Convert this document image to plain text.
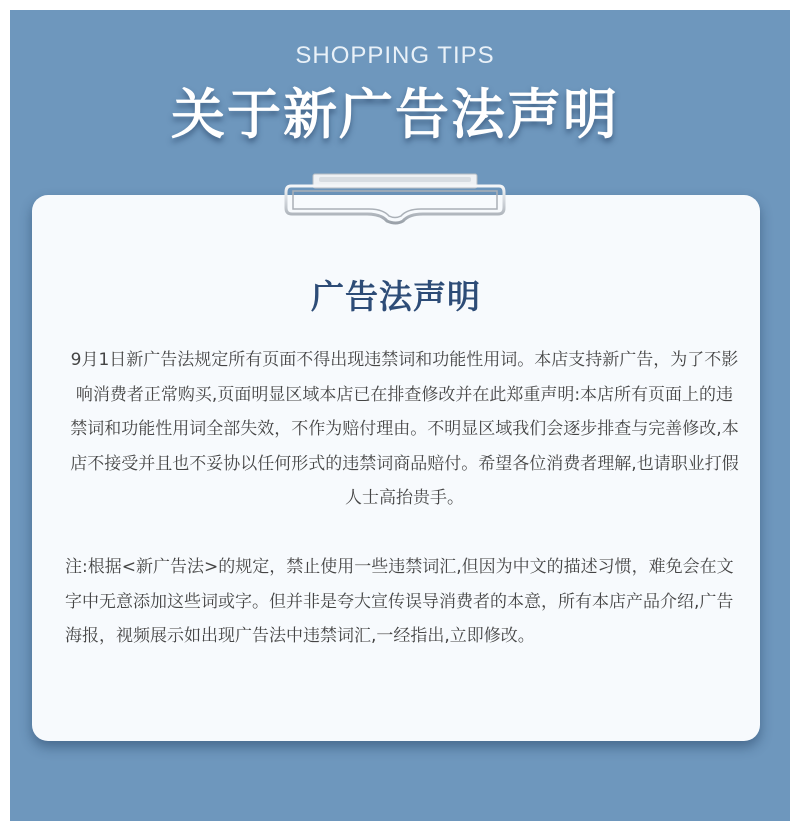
SHOPPING TIPS
关于新广告法声明
广告法声明
9月1日新广告法规定所有页面不得出现违禁词和功能性用词。本店支持新广告，为了不影响消费者正常购买,页面明显区域本店已在排查修改并在此郑重声明:本店所有页面上的违禁词和功能性用词全部失效，不作为赔付理由。不明显区域我们会逐步排查与完善修改,本店不接受并且也不妥协以任何形式的违禁词商品赔付。希望各位消费者理解,也请职业打假人士高抬贵手。
注:根据<新广告法>的规定，禁止使用一些违禁词汇,但因为中文的描述习惯，难免会在文字中无意添加这些词或字。但并非是夸大宣传误导消费者的本意，所有本店产品介绍,广告海报，视频展示如出现广告法中违禁词汇,一经指出,立即修改。
